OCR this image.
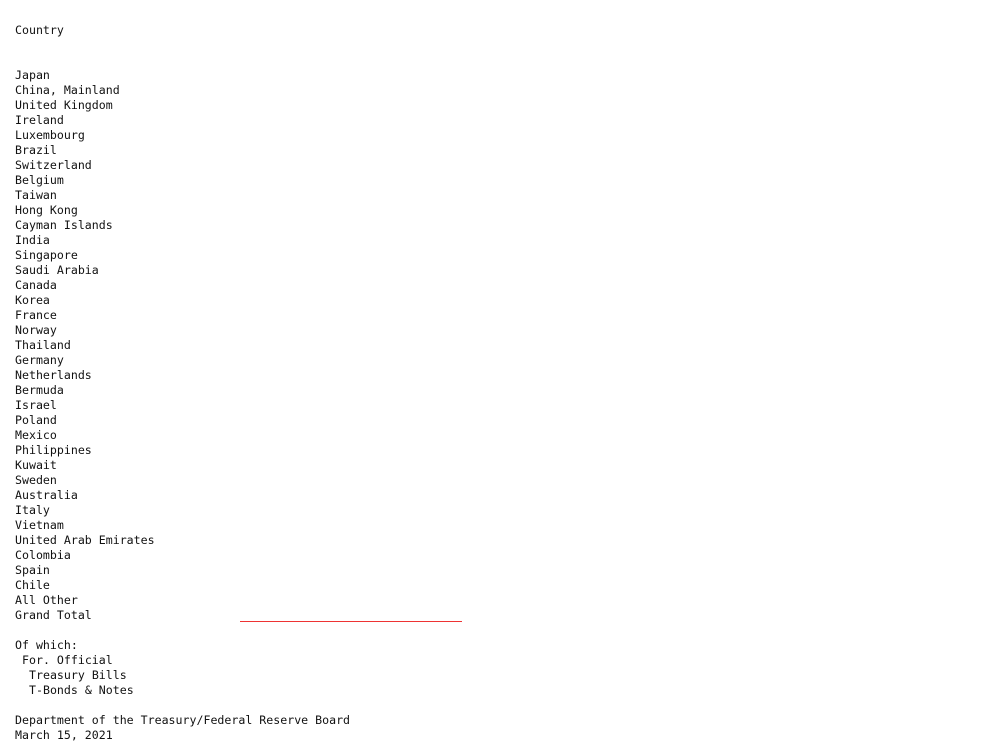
Country
Japan
China, Mainland
United Kingdom
Ireland
Luxembourg
Brazil
Switzerland
Belgium
Taiwan
Hong Kong
Cayman Islands
India
Singapore
Saudi Arabia
Canada
Korea
France
Norway
Thailand
Germany
Netherlands
Bermuda
Israel
Poland
Mexico
Philippines
Kuwait
Sweden
Australia
Italy
Vietnam
United Arab Emirates
Colombia
Spain
Chile
All Other
Grand Total
Of which:
For. Official
Treasury Bills
T-Bonds & Notes
Department of the Treasury/Federal Reserve Board
March 15, 2021
